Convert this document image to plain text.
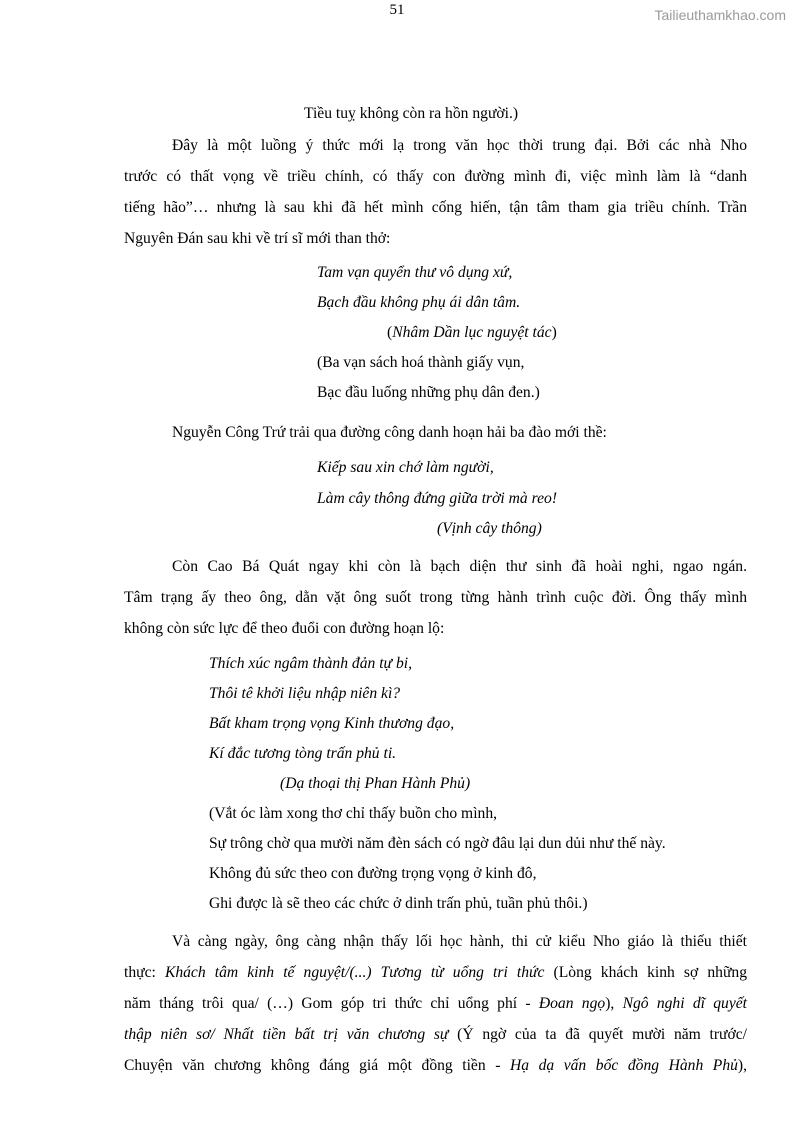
51	Tailieuthamkhao.com
Tiều tuỵ không còn ra hồn người.)
Đây là một luồng ý thức mới lạ trong văn học thời trung đại. Bởi các nhà Nho
trước có thất vọng về triều chính, có thấy con đường mình đi, việc mình làm là “danh
tiếng hão”… nhưng là sau khi đã hết mình cống hiến, tận tâm tham gia triều chính. Trần
Nguyên Đán sau khi về trí sĩ mới than thở:
Tam vạn quyển thư vô dụng xứ,
Bạch đầu không phụ ái dân tâm.
(Nhâm Dần lục nguyệt tác)
(Ba vạn sách hoá thành giấy vụn,
Bạc đầu luống những phụ dân đen.)
Nguyễn Công Trứ trải qua đường công danh hoạn hải ba đào mới thề:
Kiếp sau xin chớ làm người,
Làm cây thông đứng giữa trời mà reo!
(Vịnh cây thông)
Còn Cao Bá Quát ngay khi còn là bạch diện thư sinh đã hoài nghi, ngao ngán.
Tâm trạng ấy theo ông, dằn vặt ông suốt trong từng hành trình cuộc đời. Ông thấy mình
không còn sức lực để theo đuổi con đường hoạn lộ:
Thích xúc ngâm thành đản tự bi,
Thôi tê khởi liệu nhập niên kì?
Bất kham trọng vọng Kinh thương đạo,
Kí đắc tương tòng trấn phủ ti.
(Dạ thoại thị Phan Hành Phủ)
(Vắt óc làm xong thơ chỉ thấy buồn cho mình,
Sự trông chờ qua mười năm đèn sách có ngờ đâu lại dun dủi như thế này.
Không đủ sức theo con đường trọng vọng ở kinh đô,
Ghi được là sẽ theo các chức ở dinh trấn phủ, tuần phủ thôi.)
Và càng ngày, ông càng nhận thấy lối học hành, thi cử kiểu Nho giáo là thiếu thiết
thực: Khách tâm kinh tế nguyệt/(...) Tương từ uổng tri thức (Lòng khách kinh sợ những
năm tháng trôi qua/ (…) Gom góp tri thức chỉ uổng phí - Đoan ngọ), Ngô nghi dĩ quyết
thập niên sơ/ Nhất tiền bất trị văn chương sự (Ý ngờ của ta đã quyết mười năm trước/
Chuyện văn chương không đáng giá một đồng tiền - Hạ dạ vấn bốc đồng Hành Phủ),
